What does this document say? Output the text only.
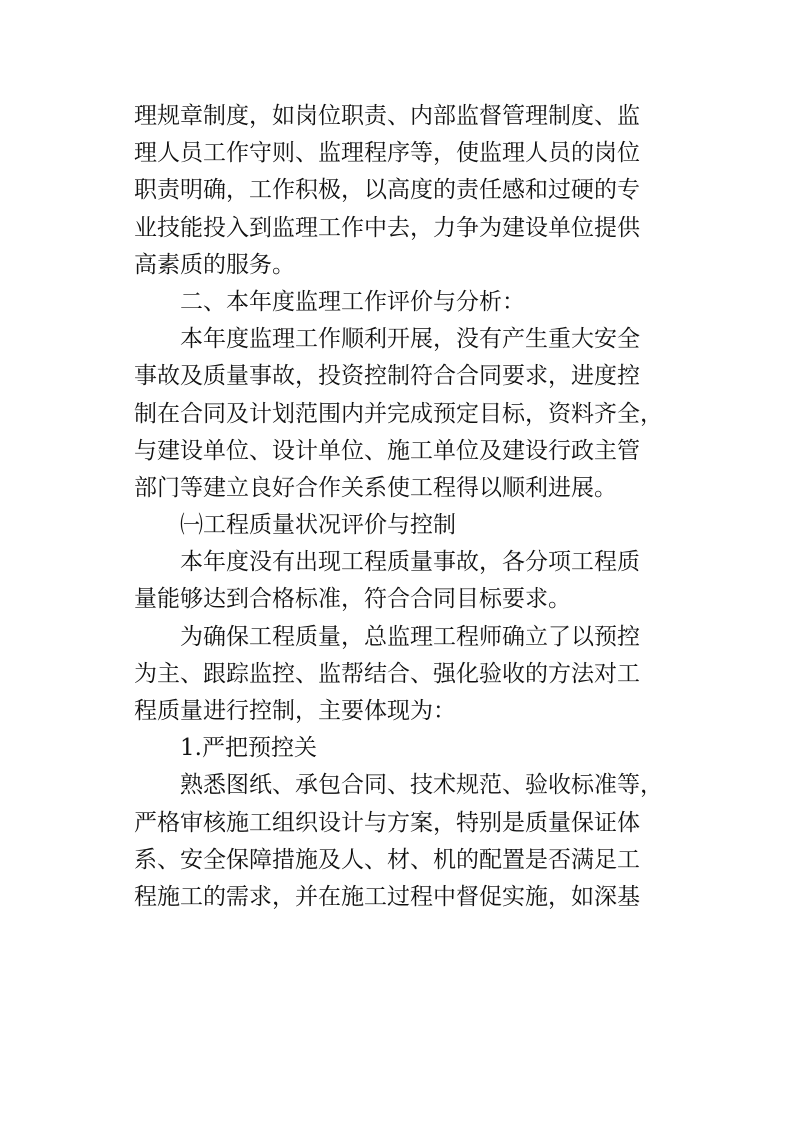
理规章制度，如岗位职责、内部监督管理制度、监
理人员工作守则、监理程序等，使监理人员的岗位
职责明确，工作积极，以高度的责任感和过硬的专
业技能投入到监理工作中去，力争为建设单位提供
高素质的服务。
二、本年度监理工作评价与分析：
本年度监理工作顺利开展，没有产生重大安全
事故及质量事故，投资控制符合合同要求，进度控
制在合同及计划范围内并完成预定目标，资料齐全，
与建设单位、设计单位、施工单位及建设行政主管
部门等建立良好合作关系使工程得以顺利进展。
㈠工程质量状况评价与控制
本年度没有出现工程质量事故，各分项工程质
量能够达到合格标准，符合合同目标要求。
为确保工程质量，总监理工程师确立了以预控
为主、跟踪监控、监帮结合、强化验收的方法对工
程质量进行控制，主要体现为：
1.严把预控关
熟悉图纸、承包合同、技术规范、验收标准等，
严格审核施工组织设计与方案，特别是质量保证体
系、安全保障措施及人、材、机的配置是否满足工
程施工的需求，并在施工过程中督促实施，如深基
